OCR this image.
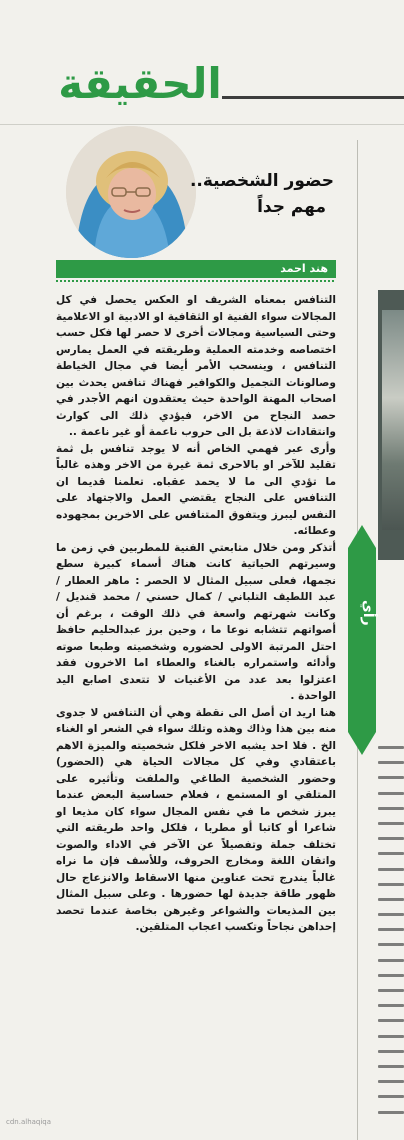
الحقيقة
حضور الشخصية..
مهم جداً
هند احمد

التنافس بمعناه الشريف او العكس يحصل في كل المجالات سواء الفنية او الثقافية او الادبية او الاعلامية وحتى السياسية ومجالات أخرى لا حصر لها فكل حسب اختصاصه وخدمته العملية وطريقته في العمل يمارس التنافس ، وينسحب الأمر أيضا في مجال الخياطة وصالونات التجميل والكوافير فهناك تنافس يحدث بين اصحاب المهنة الواحدة حيث يعتقدون انهم الأجدر في حصد النجاح من الاخر، فيؤدي ذلك الى كوارث وانتقادات لاذعة بل الى حروب ناعمة أو غير ناعمة ..

وأرى عبر فهمي الخاص أنه لا يوجد تنافس بل ثمة تقليد للآخر او بالاحرى ثمة غيرة من الاخر وهذه غالباً ما تؤدي الى ما لا يحمد عقباه. تعلمنا قديما ان التنافس على النجاح يقتضي العمل والاجتهاد على النفس ليبرز ويتفوق المتنافس على الاخرين بمجهوده وعطائه.

أتذكر ومن خلال متابعتي الفنية للمطربين في زمن ما وسيرتهم الحياتية كانت هناك أسماء كبيرة سطع نجمها، فعلى سبيل المثال لا الحصر : ماهر العطار / عبد اللطيف التلباني / كمال حسني / محمد قنديل / وكانت شهرتهم واسعة في ذلك الوقت ، برغم أن أصواتهم تتشابه نوعا ما ، وحين برز عبدالحليم حافظ احتل المرتبة الاولى لحضوره وشخصيته وطبعا صوته وأدائه واستمراره بالغناء والعطاء اما الاخرون فقد اعتزلوا بعد عدد من الأغنيات لا تتعدى اصابع اليد الواحدة .

هنا اريد ان أصل الى نقطة وهي أن التنافس لا جدوى منه بين هذا وذاك وهذه وتلك سواء في الشعر او الغناء الخ . فلا احد يشبه الاخر فلكل شخصيته والميزة الاهم باعتقادي وفي كل مجالات الحياة هي (الحضور) وحضور الشخصية الطاغي والملفت وتأثيره على المتلقي او المستمع ، فعلام حساسية البعض عندما يبرز شخص ما في نفس المجال سواء كان مذيعا او شاعرا أو كاتبا أو مطربا ، فلكل واحد طريقته التي تختلف جملة وتفصيلاً عن الآخر في الاداء والصوت واتقان اللغة ومخارج الحروف، وللأسف فإن ما نراه غالباً يندرج تحت عناوين منها الاسقاط والانزعاج حال ظهور طاقة جديدة لها حضورها . وعلى سبيل المثال بين المذيعات والشواعر وغيرهن بخاصة عندما تحصد إحداهن نجاحاً وتكسب اعجاب المتلقين.

رأي
cdn.alhaqiqa
